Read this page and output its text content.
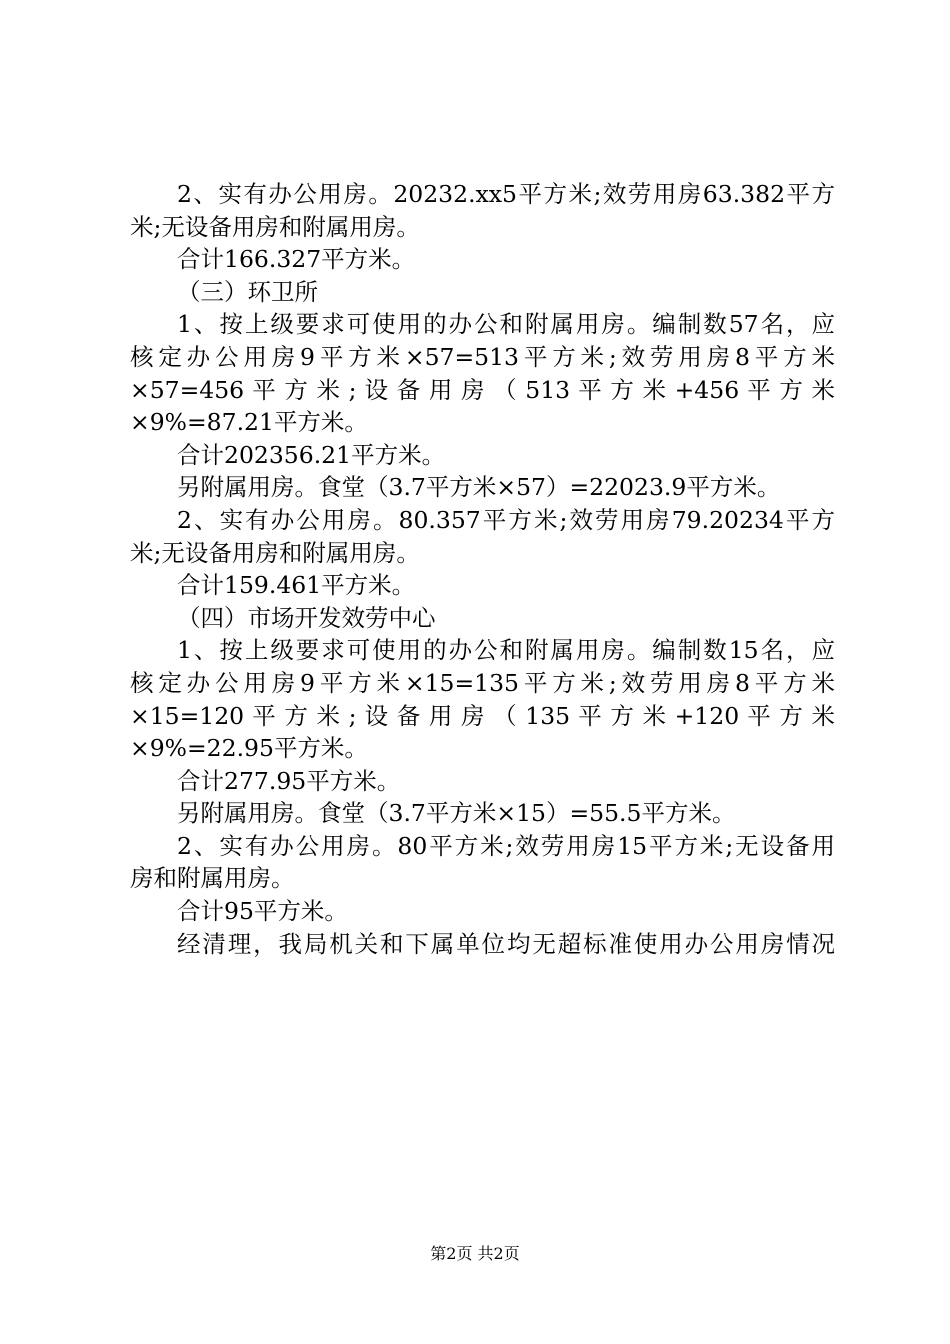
2、实有办公用房。20232.xx5平方米;效劳用房63.382平方
米;无设备用房和附属用房。
合计166.327平方米。
（三）环卫所
1、按上级要求可使用的办公和附属用房。编制数57名，应
核定办公用房9平方米×57=513平方米;效劳用房8平方米
×57=456 平 方 米 ; 设 备 用 房 （ 513 平 方 米 +456 平 方 米
×9%=87.21平方米。
合计202356.21平方米。
另附属用房。食堂（3.7平方米×57）=22023.9平方米。
2、实有办公用房。80.357平方米;效劳用房79.20234平方
米;无设备用房和附属用房。
合计159.461平方米。
（四）市场开发效劳中心
1、按上级要求可使用的办公和附属用房。编制数15名，应
核定办公用房9平方米×15=135平方米;效劳用房8平方米
×15=120 平 方 米 ; 设 备 用 房 （ 135 平 方 米 +120 平 方 米
×9%=22.95平方米。
合计277.95平方米。
另附属用房。食堂（3.7平方米×15）=55.5平方米。
2、实有办公用房。80平方米;效劳用房15平方米;无设备用
房和附属用房。
合计95平方米。
经清理，我局机关和下属单位均无超标准使用办公用房情况
第2页 共2页
